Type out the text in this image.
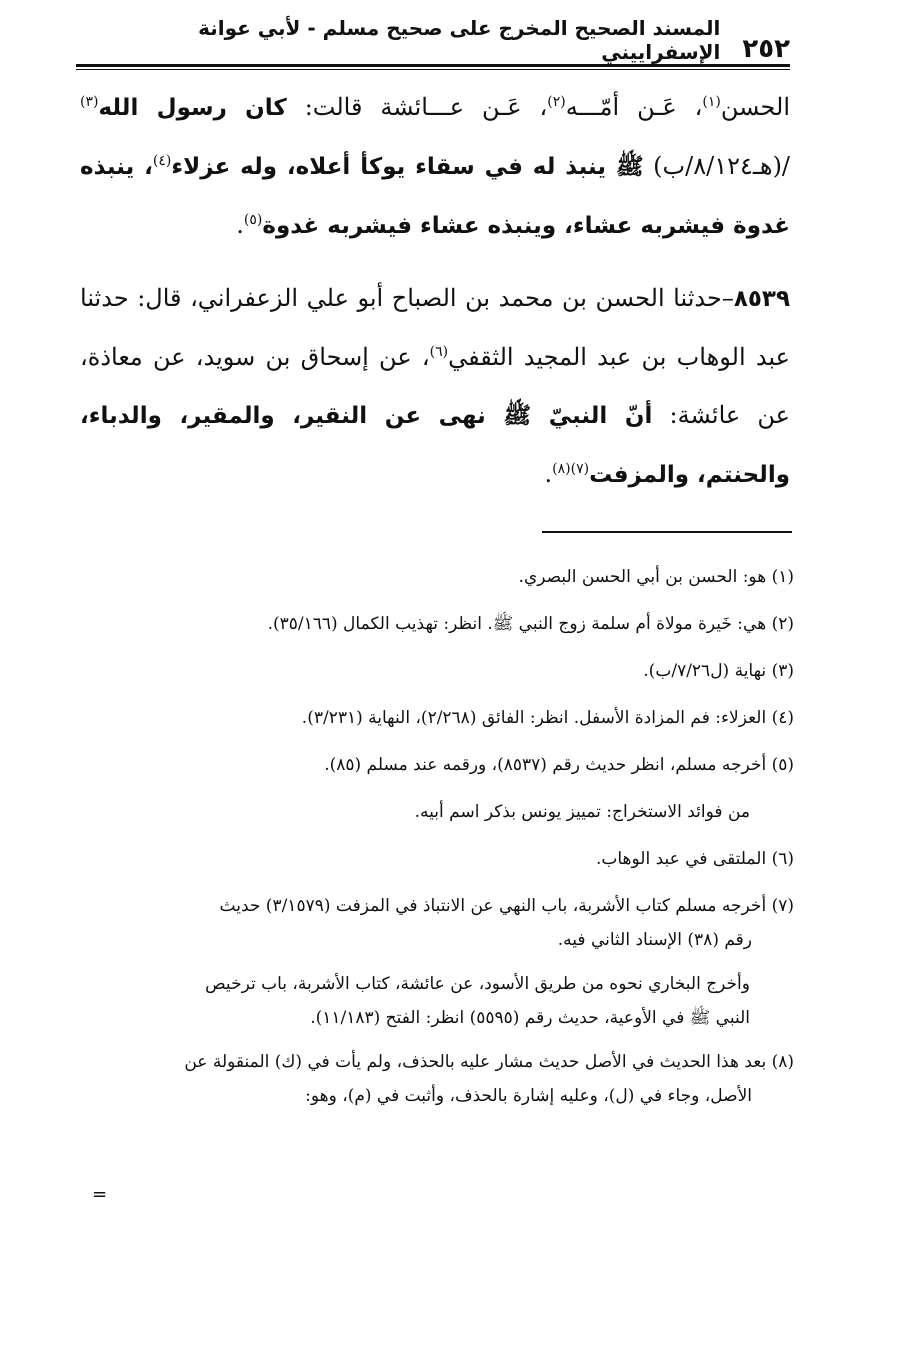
٢٥٢
المسند الصحيح المخرج على صحيح مسلم - لأبي عوانة الإسفراييني

الحسن$^{(١)}$، عَـن أمّـــه$^{(٢)}$، عَـن عـــائشة قالت: كان رسول الله$^{(٣)}$ /(هـ٨/١٢٤/ب) ﷺ ينبذ له في سقاء يوكأ أعلاه، وله عزلاء$^{(٤)}$، ينبذه غدوة فيشربه عشاء، وينبذه عشاء فيشربه غدوة$^{(٥)}$.

٨٥٣٩–حدثنا الحسن بن محمد بن الصباح أبو علي الزعفراني، قال: حدثنا عبد الوهاب بن عبد المجيد الثقفي$^{(٦)}$، عن إسحاق بن سويد، عن معاذة، عن عائشة: أنّ النبيّ ﷺ نهى عن النقير، والمقير، والدباء، والحنتم، والمزفت$^{(٧)(٨)}$.

(١) هو: الحسن بن أبي الحسن البصري.
(٢) هي: خَيرة مولاة أم سلمة زوج النبي ﷺ. انظر: تهذيب الكمال (٣٥/١٦٦).
(٣) نهاية (ل٧/٢٦/ب).
(٤) العزلاء: فم المزادة الأسفل. انظر: الفائق (٢/٢٦٨)، النهاية (٣/٢٣١).
(٥) أخرجه مسلم، انظر حديث رقم (٨٥٣٧)، ورقمه عند مسلم (٨٥).
من فوائد الاستخراج: تمييز يونس بذكر اسم أبيه.
(٦) الملتقى في عبد الوهاب.
(٧) أخرجه مسلم كتاب الأشربة، باب النهي عن الانتباذ في المزفت (٣/١٥٧٩) حديث
رقم (٣٨) الإسناد الثاني فيه.
وأخرج البخاري نحوه من طريق الأسود، عن عائشة، كتاب الأشربة، باب ترخيص
النبي ﷺ في الأوعية، حديث رقم (٥٥٩٥) انظر: الفتح (١١/١٨٣).
(٨) بعد هذا الحديث في الأصل حديث مشار عليه بالحذف، ولم يأت في (ك) المنقولة عن
الأصل، وجاء في (ل)، وعليه إشارة بالحذف، وأثبت في (م)، وهو:
=
